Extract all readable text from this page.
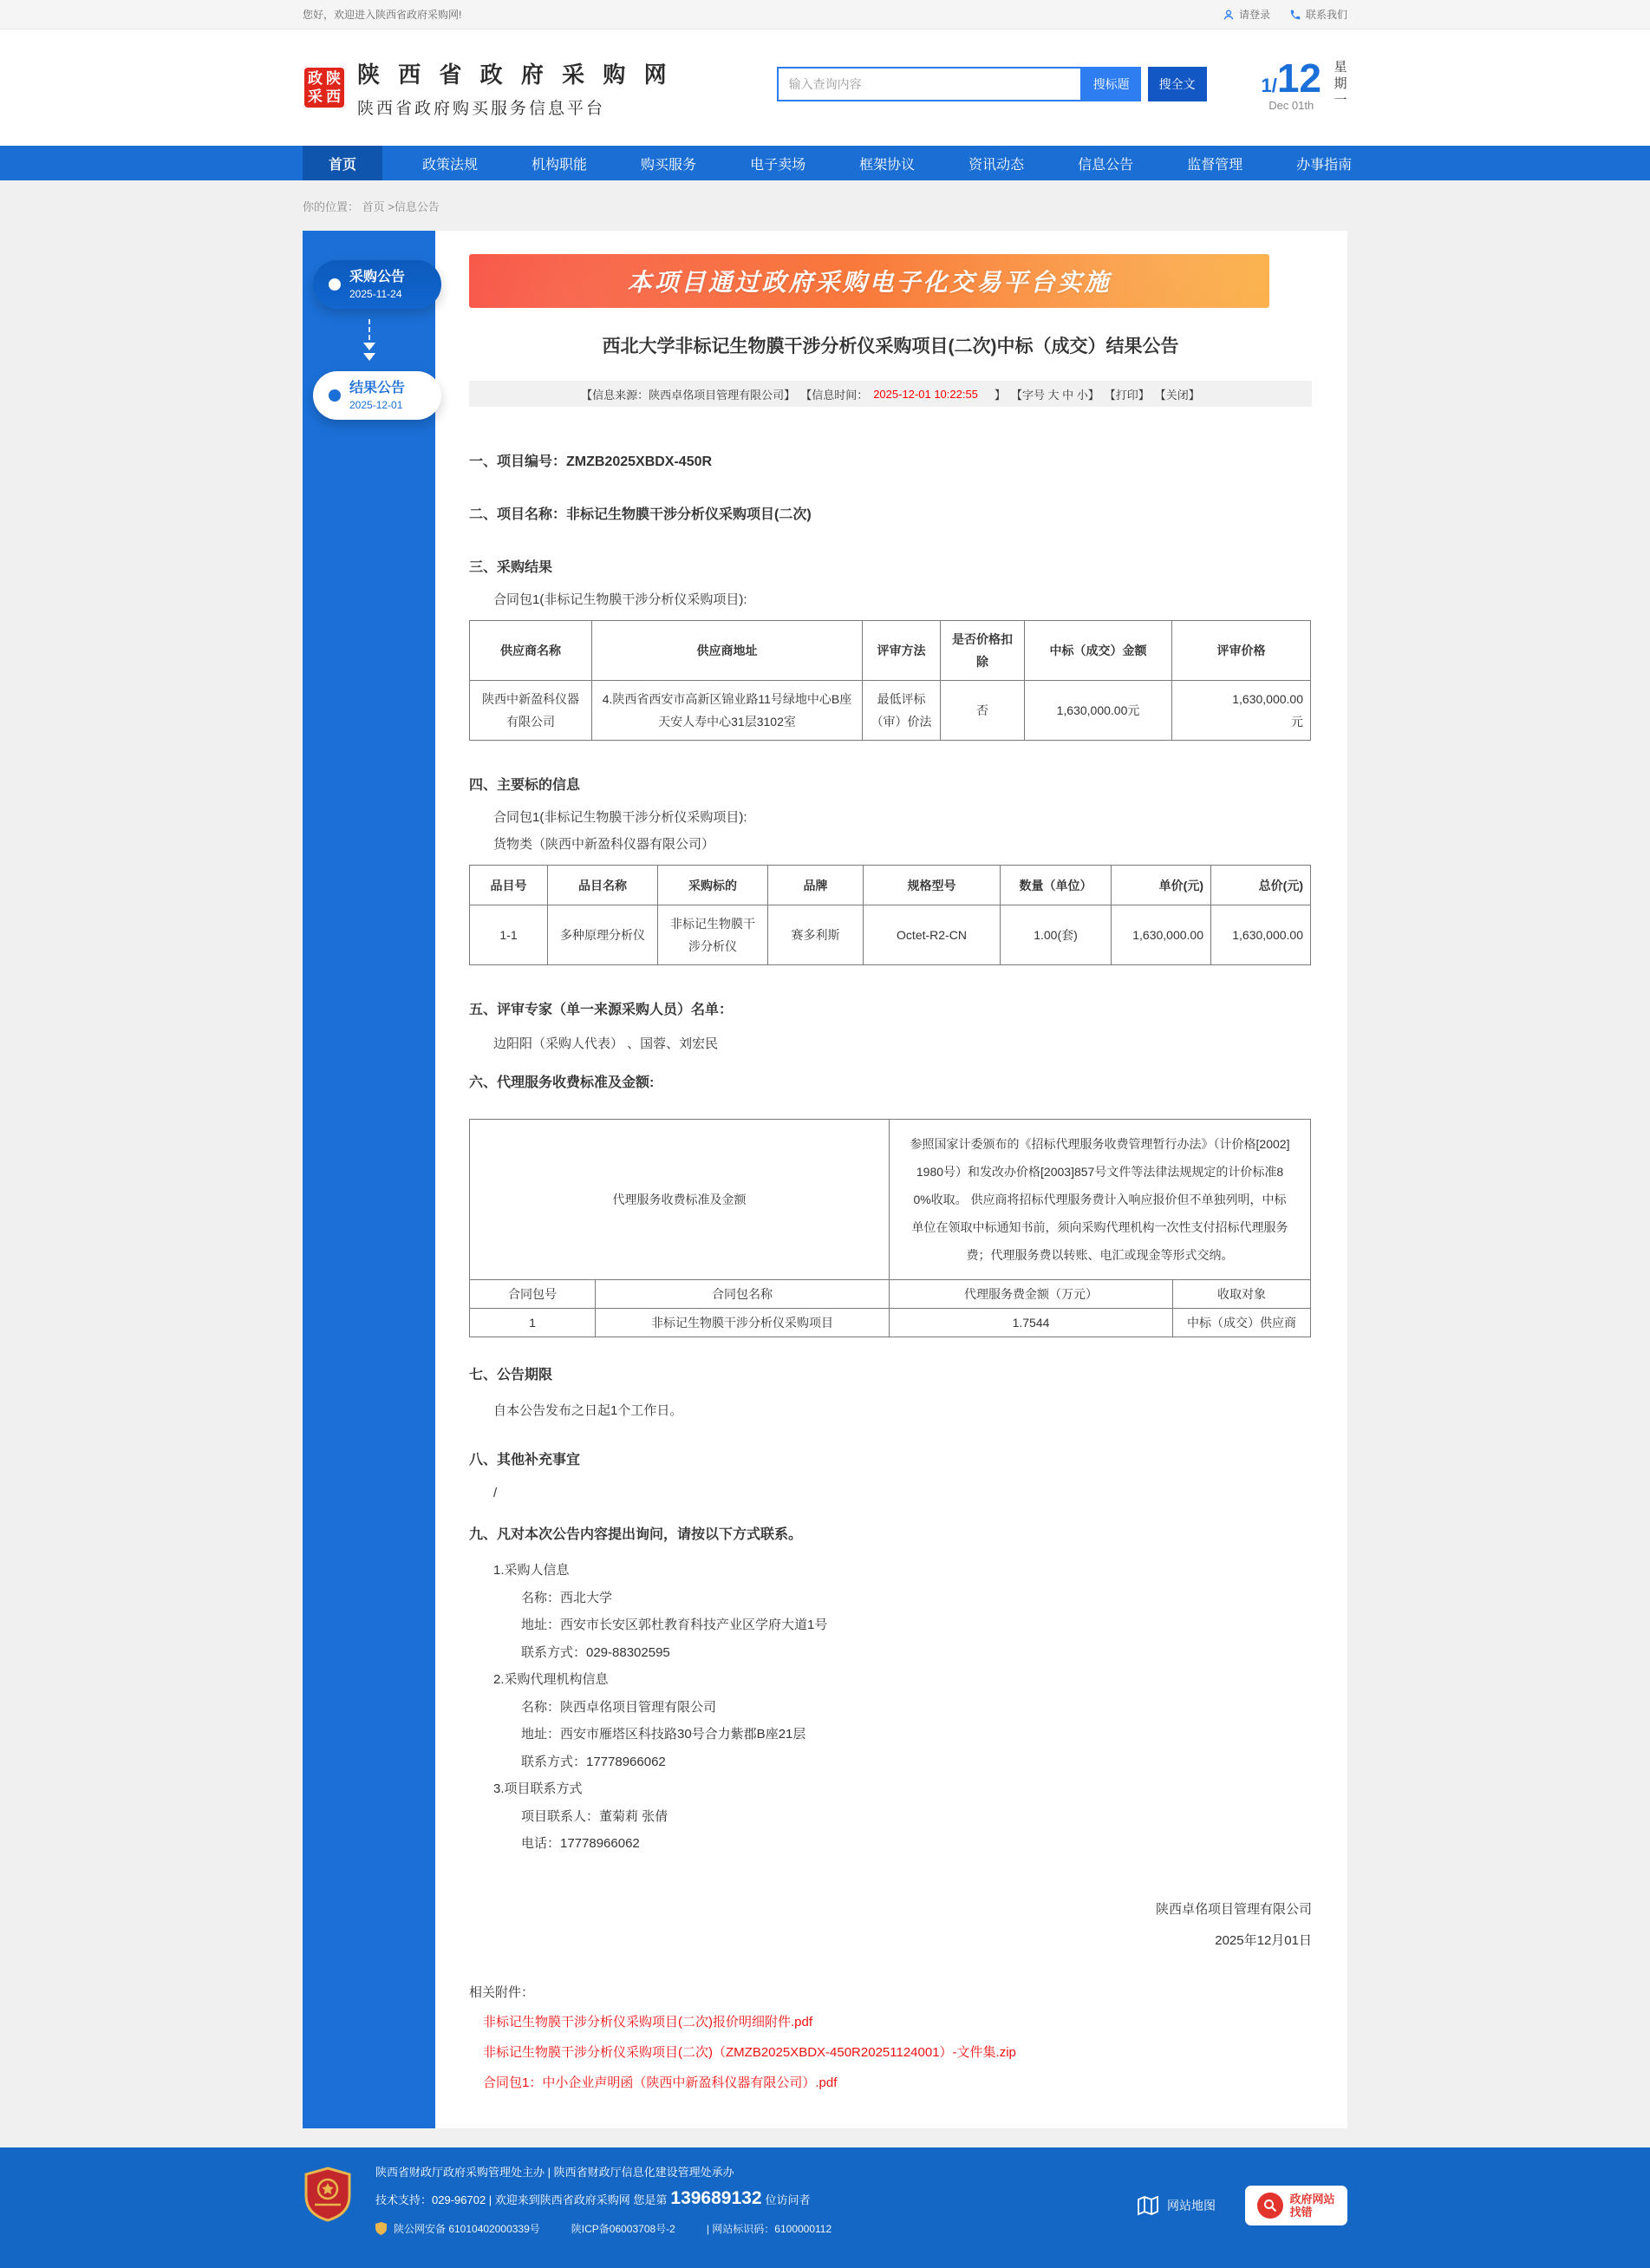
您好，欢迎进入陕西省政府采购网!	请登录	联系我们
政 陕
采 西
陕 西 省 政 府 采 购 网
陕西省政府购买服务信息平台
输入查询内容
搜标题	搜全文	1/12
Dec 01th
星期一
首页	政策法规	机构职能	购买服务	电子卖场	框架协议	资讯动态	信息公告	监督管理	办事指南
你的位置：
首页
>信息公告
采购公告
2025-11-24
结果公告
2025-12-01
本项目通过政府采购电子化交易平台实施
西北大学非标记生物膜干涉分析仪采购项目(二次)中标（成交）结果公告
【信息来源：陕西卓佲项目管理有限公司】 【信息时间： 2025-12-01 10:22:55 　】 【字号 大 中 小】 【打印】 【关闭】
一、项目编号：ZMZB2025XBDX-450R
二、项目名称：非标记生物膜干涉分析仪采购项目(二次)
三、采购结果

合同包1(非标记生物膜干涉分析仪采购项目):

供应商名称	供应商地址	评审方法	是否价格扣除	中标（成交）金额	评审价格
陕西中新盈科仪器有限公司	4.陕西省西安市高新区锦业路11号绿地中心B座天安人寿中心31层3102室	最低评标（审）价法	否	1,630,000.00元	1,630,000.00
元
四、主要标的信息

合同包1(非标记生物膜干涉分析仪采购项目):

货物类（陕西中新盈科仪器有限公司）

品目号	品目名称	采购标的	品牌	规格型号	数量（单位）	单价(元)	总价(元)
1-1	多种原理分析仪	非标记生物膜干涉分析仪	赛多利斯	Octet-R2-CN	1.00(套)	1,630,000.00	1,630,000.00
五、评审专家（单一来源采购人员）名单：

边阳阳（采购人代表） 、国蓉、刘宏民

六、代理服务收费标准及金额:
代理服务收费标准及金额		参照国家计委颁布的《招标代理服务收费管理暂行办法》（计价格[2002]1980号）和发改办价格[2003]857号文件等法律法规规定的计价标准80%收取。 供应商将招标代理服务费计入响应报价但不单独列明，中标单位在领取中标通知书前，须向采购代理机构一次性支付招标代理服务费；代理服务费以转账、电汇或现金等形式交纳。	
合同包号	合同包名称	代理服务费金额（万元）	收取对象
1	非标记生物膜干涉分析仪采购项目	1.7544	中标（成交）供应商
七、公告期限

自本公告发布之日起1个工作日。

八、其他补充事宜

/

九、凡对本次公告内容提出询问，请按以下方式联系。

1.采购人信息

名称：西北大学

地址：西安市长安区郭杜教育科技产业区学府大道1号

联系方式：029-88302595

2.采购代理机构信息

名称：陕西卓佲项目管理有限公司

地址：西安市雁塔区科技路30号合力紫郡B座21层

联系方式：17778966062

3.项目联系方式

项目联系人：董菊莉 张倩

电话：17778966062

陕西卓佲项目管理有限公司

2025年12月01日

相关附件：
非标记生物膜干涉分析仪采购项目(二次)报价明细附件.pdf
非标记生物膜干涉分析仪采购项目(二次)（ZMZB2025XBDX-450R20251124001）-文件集.zip
合同包1：中小企业声明函（陕西中新盈科仪器有限公司）.pdf
陕西省财政厅政府采购管理处主办 | 陕西省财政厅信息化建设管理处承办
技术支持：029-96702 | 欢迎来到陕西省政府采购网 您是第 139689132 位访问者
陕公网安备 61010402000339号	陕ICP备06003708号-2	| 网站标识码：6100000112
网站地图	政府网站
找错
